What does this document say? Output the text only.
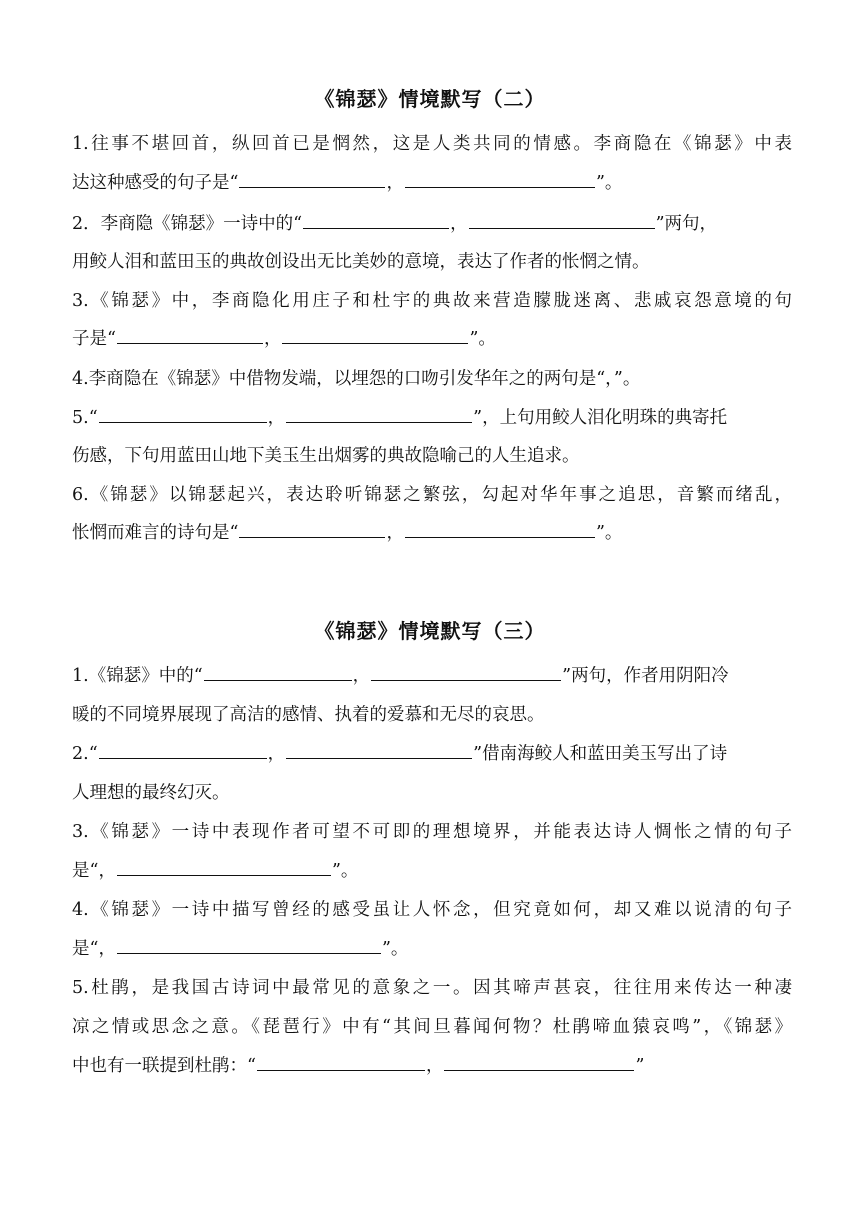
《锦瑟》情境默写（二）
1.往事不堪回首，纵回首已是惘然，这是人类共同的情感。李商隐在《锦瑟》中表
达这种感受的句子是“	，	”。
2．李商隐《锦瑟》一诗中的“	，	”两句，
用鲛人泪和蓝田玉的典故创设出无比美妙的意境，表达了作者的怅惘之情。
3.《锦瑟》中，李商隐化用庄子和杜宇的典故来营造朦胧迷离、悲戚哀怨意境的句
子是“	，	”。
4.李商隐在《锦瑟》中借物发端，以埋怨的口吻引发华年之的两句是“，”。
5.“	，	”，上句用鲛人泪化明珠的典寄托
伤感，下句用蓝田山地下美玉生出烟雾的典故隐喻己的人生追求。
6.《锦瑟》以锦瑟起兴，表达聆听锦瑟之繁弦，勾起对华年事之追思，音繁而绪乱，
怅惘而难言的诗句是“	，	”。
《锦瑟》情境默写（三）
1.《锦瑟》中的“	，	”两句，作者用阴阳冷
暖的不同境界展现了高洁的感情、执着的爱慕和无尽的哀思。
2.“	，	”借南海鲛人和蓝田美玉写出了诗
人理想的最终幻灭。
3.《锦瑟》一诗中表现作者可望不可即的理想境界，并能表达诗人惆怅之情的句子
是“，	”。
4.《锦瑟》一诗中描写曾经的感受虽让人怀念，但究竟如何，却又难以说清的句子
是“，	”。
5.杜鹃，是我国古诗词中最常见的意象之一。因其啼声甚哀，往往用来传达一种凄
凉之情或思念之意。《琵琶行》中有“其间旦暮闻何物？杜鹃啼血猿哀鸣”，《锦瑟》
中也有一联提到杜鹃：“	，	”
